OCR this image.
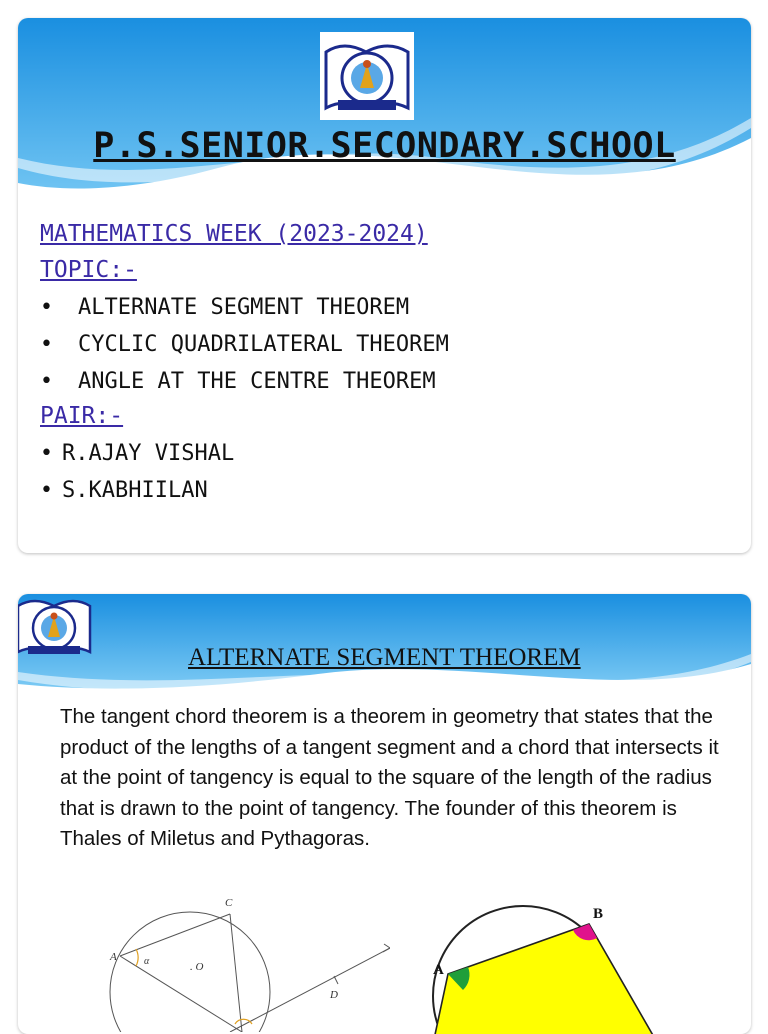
P.S.SENIOR.SECONDARY.SCHOOL
MATHEMATICS WEEK (2023-2024)
TOPIC:-
• ALTERNATE SEGMENT THEOREM
• CYCLIC QUADRILATERAL THEOREM
• ANGLE AT THE CENTRE THEOREM
PAIR:-
• R.AJAY VISHAL
• S.KABHIILAN
ALTERNATE SEGMENT THEOREM

The tangent chord theorem is a theorem in geometry that states that the product of the lengths of a tangent segment and a chord that intersects it at the point of tangency is equal to the square of the length of the radius that is drawn to the point of tangency. The founder of this theorem is Thales of Miletus and Pythagoras.

C
A	α	. O
D
A
B
